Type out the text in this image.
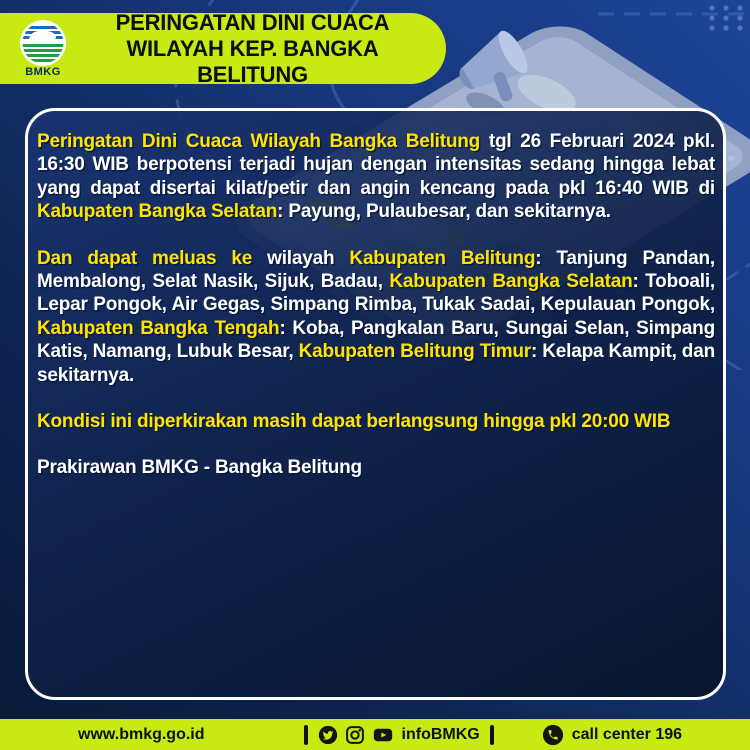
BMKG
PERINGATAN DINI CUACA
WILAYAH KEP. BANGKA BELITUNG

Peringatan Dini Cuaca Wilayah Bangka Belitung tgl 26 Februari 2024 pkl. 16:30 WIB berpotensi terjadi hujan dengan intensitas sedang hingga lebat yang dapat disertai kilat/petir dan angin kencang pada pkl 16:40 WIB di Kabupaten Bangka Selatan: Payung, Pulaubesar, dan sekitarnya.

Dan dapat meluas ke wilayah Kabupaten Belitung: Tanjung Pandan, Membalong, Selat Nasik, Sijuk, Badau, Kabupaten Bangka Selatan: Toboali, Lepar Pongok, Air Gegas, Simpang Rimba, Tukak Sadai, Kepulauan Pongok, Kabupaten Bangka Tengah: Koba, Pangkalan Baru, Sungai Selan, Simpang Katis, Namang, Lubuk Besar, Kabupaten Belitung Timur: Kelapa Kampit, dan sekitarnya.

Kondisi ini diperkirakan masih dapat berlangsung hingga pkl 20:00 WIB

Prakirawan BMKG - Bangka Belitung

www.bmkg.go.id	infoBMKG	call center 196
